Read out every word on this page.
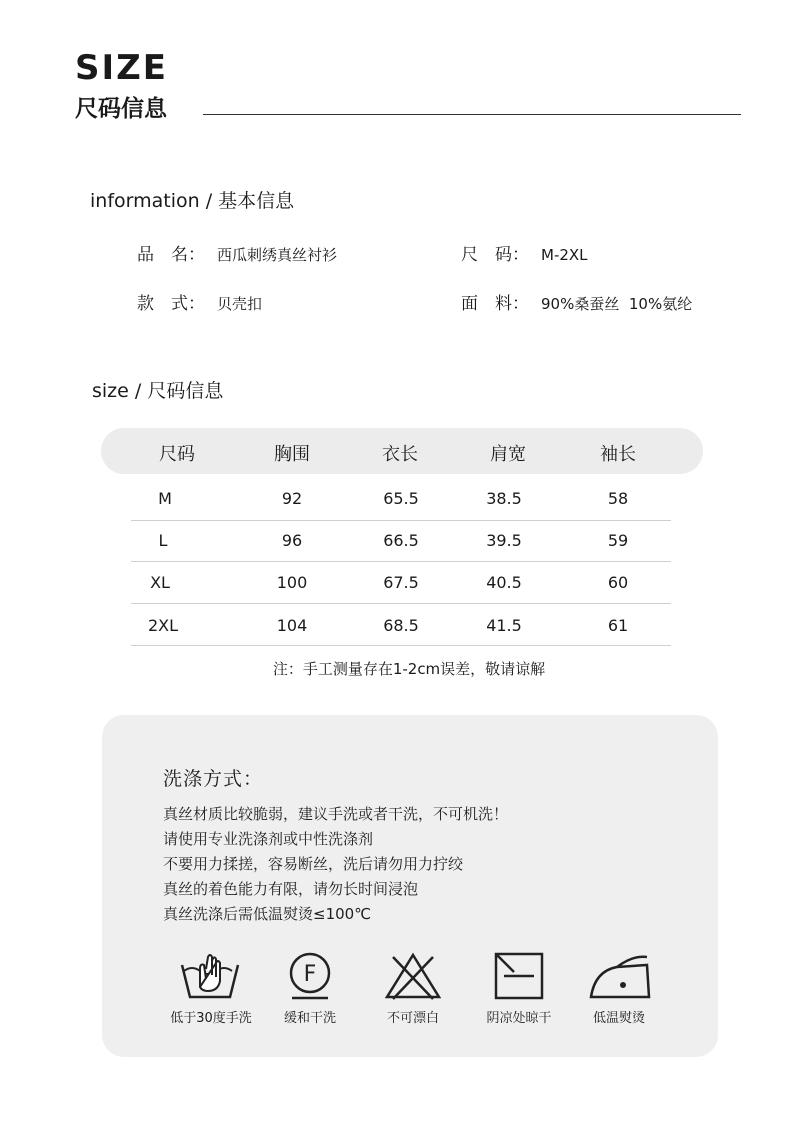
SIZE
尺码信息
information / 基本信息
品　名： 西瓜刺绣真丝衬衫	尺　码： M-2XL
款　式： 贝壳扣	面　料： 90%桑蚕丝  10%氨纶
size / 尺码信息
尺码	胸围	衣长	肩宽	袖长
M	92	65.5	38.5	58
L	96	66.5	39.5	59
XL	100	67.5	40.5	60
2XL	104	68.5	41.5	61
注：手工测量存在1-2cm误差，敬请谅解
洗涤方式：
真丝材质比较脆弱，建议手洗或者干洗，不可机洗！
请使用专业洗涤剂或中性洗涤剂
不要用力揉搓，容易断丝，洗后请勿用力拧绞
真丝的着色能力有限，请勿长时间浸泡
真丝洗涤后需低温熨烫≤100℃
F
低于30度手洗	缓和干洗	不可漂白	阴凉处晾干	低温熨烫
